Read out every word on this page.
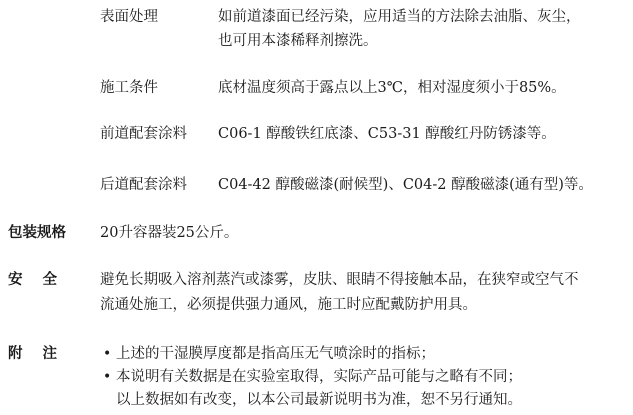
表面处理	如前道漆面已经污染，应用适当的方法除去油脂、灰尘，
也可用本漆稀释剂擦洗。
施工条件	底材温度须高于露点以上3℃，相对湿度须小于85%。
前道配套涂料 C06-1 醇酸铁红底漆、C53-31 醇酸红丹防锈漆等。
后道配套涂料 C04-42 醇酸磁漆(耐候型)、C04-2 醇酸磁漆(通有型)等。
包装规格 20升容器装25公斤。
安全 避免长期吸入溶剂蒸汽或漆雾，皮肤、眼睛不得接触本品，在狭窄或空气不
流通处施工，必须提供强力通风，施工时应配戴防护用具。
附注 • 上述的干湿膜厚度都是指高压无气喷涂时的指标；
• 本说明有关数据是在实验室取得，实际产品可能与之略有不同；
以上数据如有改变，以本公司最新说明书为准，恕不另行通知。
